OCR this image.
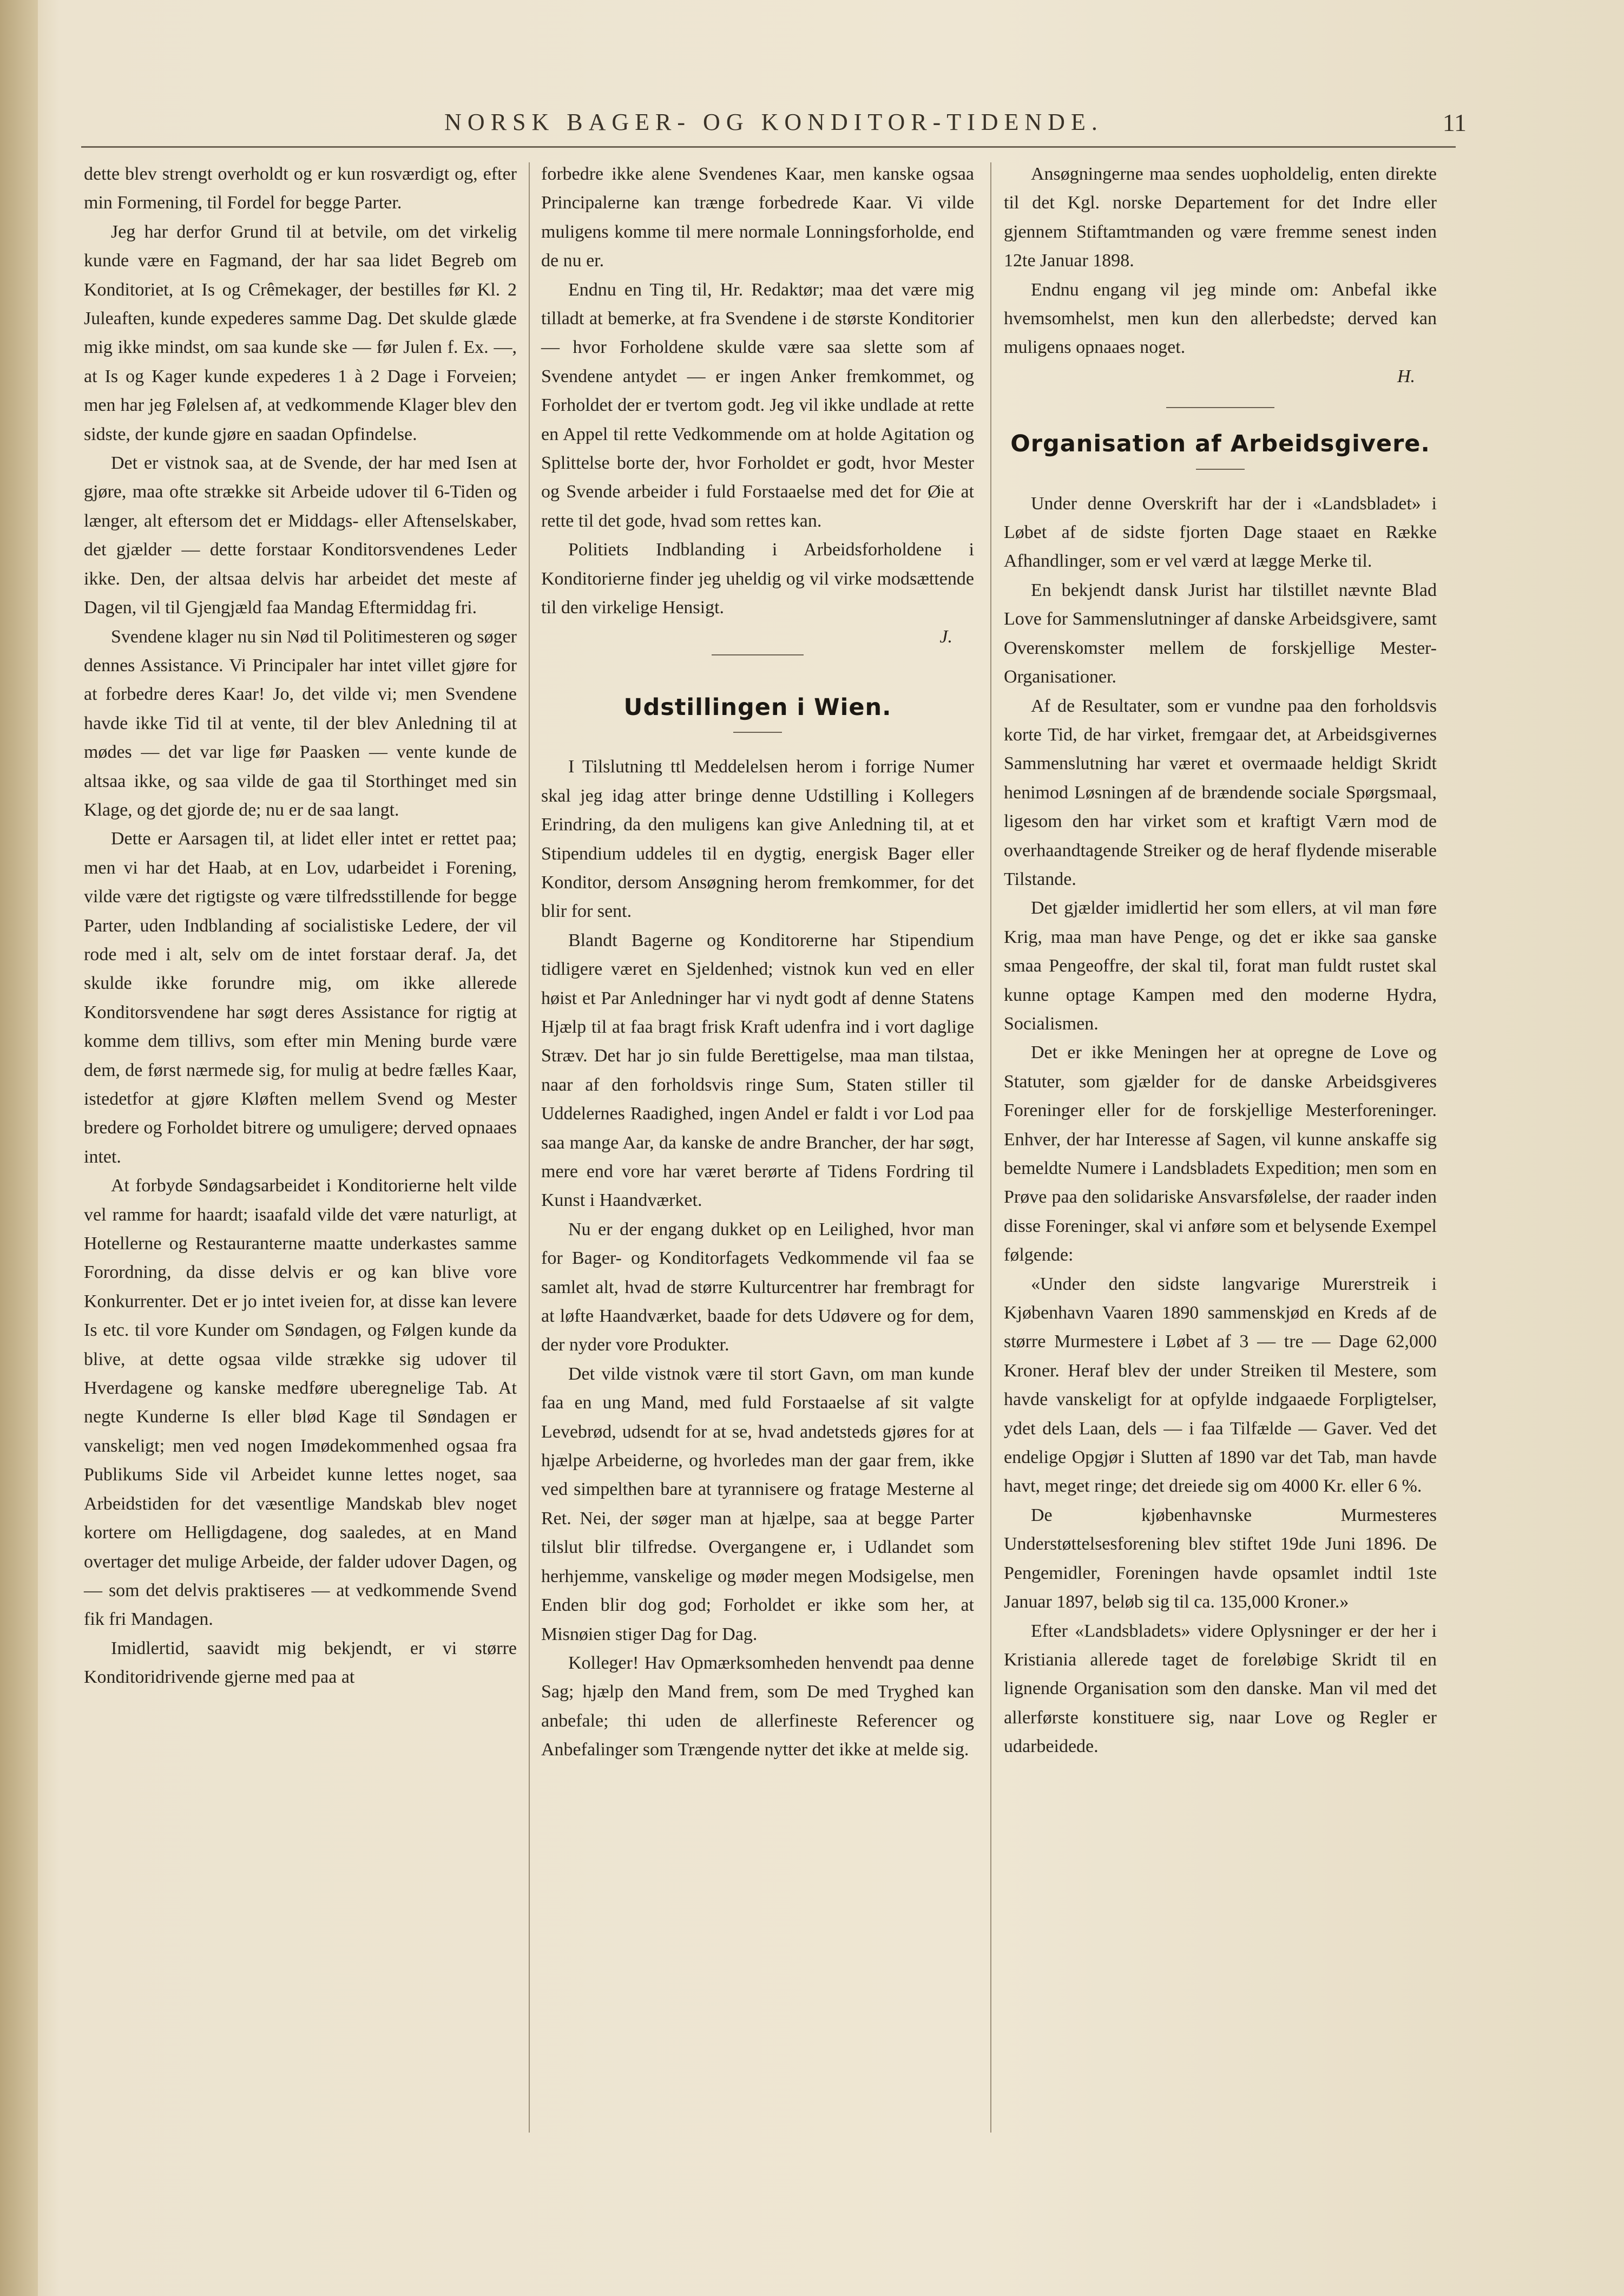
NORSK BAGER- OG KONDITOR-TIDENDE.	11

dette blev strengt overholdt og er kun rosværdigt og, efter min Formening, til Fordel for begge Parter.

Jeg har derfor Grund til at betvile, om det virkelig kunde være en Fagmand, der har saa lidet Begreb om Konditoriet, at Is og Crêmekager, der bestilles før Kl. 2 Juleaften, kunde expederes samme Dag. Det skulde glæde mig ikke mindst, om saa kunde ske — før Julen f. Ex. —, at Is og Kager kunde expederes 1 à 2 Dage i Forveien; men har jeg Følelsen af, at vedkommende Klager blev den sidste, der kunde gjøre en saadan Opfindelse.

Det er vistnok saa, at de Svende, der har med Isen at gjøre, maa ofte strække sit Arbeide udover til 6-Tiden og længer, alt eftersom det er Middags- eller Aftenselskaber, det gjælder — dette forstaar Konditorsvendenes Leder ikke. Den, der altsaa delvis har arbeidet det meste af Dagen, vil til Gjengjæld faa Mandag Eftermiddag fri.

Svendene klager nu sin Nød til Politimesteren og søger dennes Assistance. Vi Principaler har intet villet gjøre for at forbedre deres Kaar! Jo, det vilde vi; men Svendene havde ikke Tid til at vente, til der blev Anledning til at mødes — det var lige før Paasken — vente kunde de altsaa ikke, og saa vilde de gaa til Storthinget med sin Klage, og det gjorde de; nu er de saa langt.

Dette er Aarsagen til, at lidet eller intet er rettet paa; men vi har det Haab, at en Lov, udarbeidet i Forening, vilde være det rigtigste og være tilfredsstillende for begge Parter, uden Indblanding af socialistiske Ledere, der vil rode med i alt, selv om de intet forstaar deraf. Ja, det skulde ikke forundre mig, om ikke allerede Konditorsvendene har søgt deres Assistance for rigtig at komme dem tillivs, som efter min Mening burde være dem, de først nærmede sig, for mulig at bedre fælles Kaar, istedetfor at gjøre Kløften mellem Svend og Mester bredere og Forholdet bitrere og umuligere; derved opnaaes intet.

At forbyde Søndagsarbeidet i Konditorierne helt vilde vel ramme for haardt; isaafald vilde det være naturligt, at Hotellerne og Restauranterne maatte underkastes samme Forordning, da disse delvis er og kan blive vore Konkurrenter. Det er jo intet iveien for, at disse kan levere Is etc. til vore Kunder om Søndagen, og Følgen kunde da blive, at dette ogsaa vilde strække sig udover til Hverdagene og kanske medføre uberegnelige Tab. At negte Kunderne Is eller blød Kage til Søndagen er vanskeligt; men ved nogen Imødekommenhed ogsaa fra Publikums Side vil Arbeidet kunne lettes noget, saa Arbeidstiden for det væsentlige Mandskab blev noget kortere om Helligdagene, dog saaledes, at en Mand overtager det mulige Arbeide, der falder udover Dagen, og — som det delvis praktiseres — at vedkommende Svend fik fri Mandagen.

Imidlertid, saavidt mig bekjendt, er vi større Konditoridrivende gjerne med paa at

forbedre ikke alene Svendenes Kaar, men kanske ogsaa Principalerne kan trænge forbedrede Kaar. Vi vilde muligens komme til mere normale Lonningsforholde, end de nu er.

Endnu en Ting til, Hr. Redaktør; maa det være mig tilladt at bemerke, at fra Svendene i de største Konditorier — hvor Forholdene skulde være saa slette som af Svendene antydet — er ingen Anker fremkommet, og Forholdet der er tvertom godt. Jeg vil ikke undlade at rette en Appel til rette Vedkommende om at holde Agitation og Splittelse borte der, hvor Forholdet er godt, hvor Mester og Svende arbeider i fuld Forstaaelse med det for Øie at rette til det gode, hvad som rettes kan.

Politiets Indblanding i Arbeidsforholdene i Konditorierne finder jeg uheldig og vil virke modsættende til den virkelige Hensigt.

J.

Udstillingen i Wien.

I Tilslutning ttl Meddelelsen herom i forrige Numer skal jeg idag atter bringe denne Udstilling i Kollegers Erindring, da den muligens kan give Anledning til, at et Stipendium uddeles til en dygtig, energisk Bager eller Konditor, dersom Ansøgning herom fremkommer, for det blir for sent.

Blandt Bagerne og Konditorerne har Stipendium tidligere været en Sjeldenhed; vistnok kun ved en eller høist et Par Anledninger har vi nydt godt af denne Statens Hjælp til at faa bragt frisk Kraft udenfra ind i vort daglige Stræv. Det har jo sin fulde Berettigelse, maa man tilstaa, naar af den forholdsvis ringe Sum, Staten stiller til Uddelernes Raadighed, ingen Andel er faldt i vor Lod paa saa mange Aar, da kanske de andre Brancher, der har søgt, mere end vore har været berørte af Tidens Fordring til Kunst i Haandværket.

Nu er der engang dukket op en Leilighed, hvor man for Bager- og Konditorfagets Vedkommende vil faa se samlet alt, hvad de større Kulturcentrer har frembragt for at løfte Haandværket, baade for dets Udøvere og for dem, der nyder vore Produkter.

Det vilde vistnok være til stort Gavn, om man kunde faa en ung Mand, med fuld Forstaaelse af sit valgte Levebrød, udsendt for at se, hvad andetsteds gjøres for at hjælpe Arbeiderne, og hvorledes man der gaar frem, ikke ved simpelthen bare at tyrannisere og fratage Mesterne al Ret. Nei, der søger man at hjælpe, saa at begge Parter tilslut blir tilfredse. Overgangene er, i Udlandet som herhjemme, vanskelige og møder megen Modsigelse, men Enden blir dog god; Forholdet er ikke som her, at Misnøien stiger Dag for Dag.

Kolleger! Hav Opmærksomheden henvendt paa denne Sag; hjælp den Mand frem, som De med Tryghed kan anbefale; thi uden de allerfineste Referencer og Anbefalinger som Trængende nytter det ikke at melde sig.

Ansøgningerne maa sendes uopholdelig, enten direkte til det Kgl. norske Departement for det Indre eller gjennem Stiftamtmanden og være fremme senest inden 12te Januar 1898.

Endnu engang vil jeg minde om: Anbefal ikke hvemsomhelst, men kun den allerbedste; derved kan muligens opnaaes noget.

H.

Organisation af Arbeidsgivere.

Under denne Overskrift har der i «Landsbladet» i Løbet af de sidste fjorten Dage staaet en Række Afhandlinger, som er vel værd at lægge Merke til.

En bekjendt dansk Jurist har tilstillet nævnte Blad Love for Sammenslutninger af danske Arbeidsgivere, samt Overenskomster mellem de forskjellige Mester-Organisationer.

Af de Resultater, som er vundne paa den forholdsvis korte Tid, de har virket, fremgaar det, at Arbeidsgivernes Sammenslutning har været et overmaade heldigt Skridt henimod Løsningen af de brændende sociale Spørgsmaal, ligesom den har virket som et kraftigt Værn mod de overhaandtagende Streiker og de heraf flydende miserable Tilstande.

Det gjælder imidlertid her som ellers, at vil man føre Krig, maa man have Penge, og det er ikke saa ganske smaa Pengeoffre, der skal til, forat man fuldt rustet skal kunne optage Kampen med den moderne Hydra, Socialismen.

Det er ikke Meningen her at opregne de Love og Statuter, som gjælder for de danske Arbeidsgiveres Foreninger eller for de forskjellige Mesterforeninger. Enhver, der har Interesse af Sagen, vil kunne anskaffe sig bemeldte Numere i Landsbladets Expedition; men som en Prøve paa den solidariske Ansvarsfølelse, der raader inden disse Foreninger, skal vi anføre som et belysende Exempel følgende:

«Under den sidste langvarige Murerstreik i Kjøbenhavn Vaaren 1890 sammenskjød en Kreds af de større Murmestere i Løbet af 3 — tre — Dage 62,000 Kroner. Heraf blev der under Streiken til Mestere, som havde vanskeligt for at opfylde indgaaede Forpligtelser, ydet dels Laan, dels — i faa Tilfælde — Gaver. Ved det endelige Opgjør i Slutten af 1890 var det Tab, man havde havt, meget ringe; det dreiede sig om 4000 Kr. eller 6 %.

De kjøbenhavnske Murmesteres Understøttelsesforening blev stiftet 19de Juni 1896. De Pengemidler, Foreningen havde opsamlet indtil 1ste Januar 1897, beløb sig til ca. 135,000 Kroner.»

Efter «Landsbladets» videre Oplysninger er der her i Kristiania allerede taget de foreløbige Skridt til en lignende Organisation som den danske. Man vil med det allerførste konstituere sig, naar Love og Regler er udarbeidede.
